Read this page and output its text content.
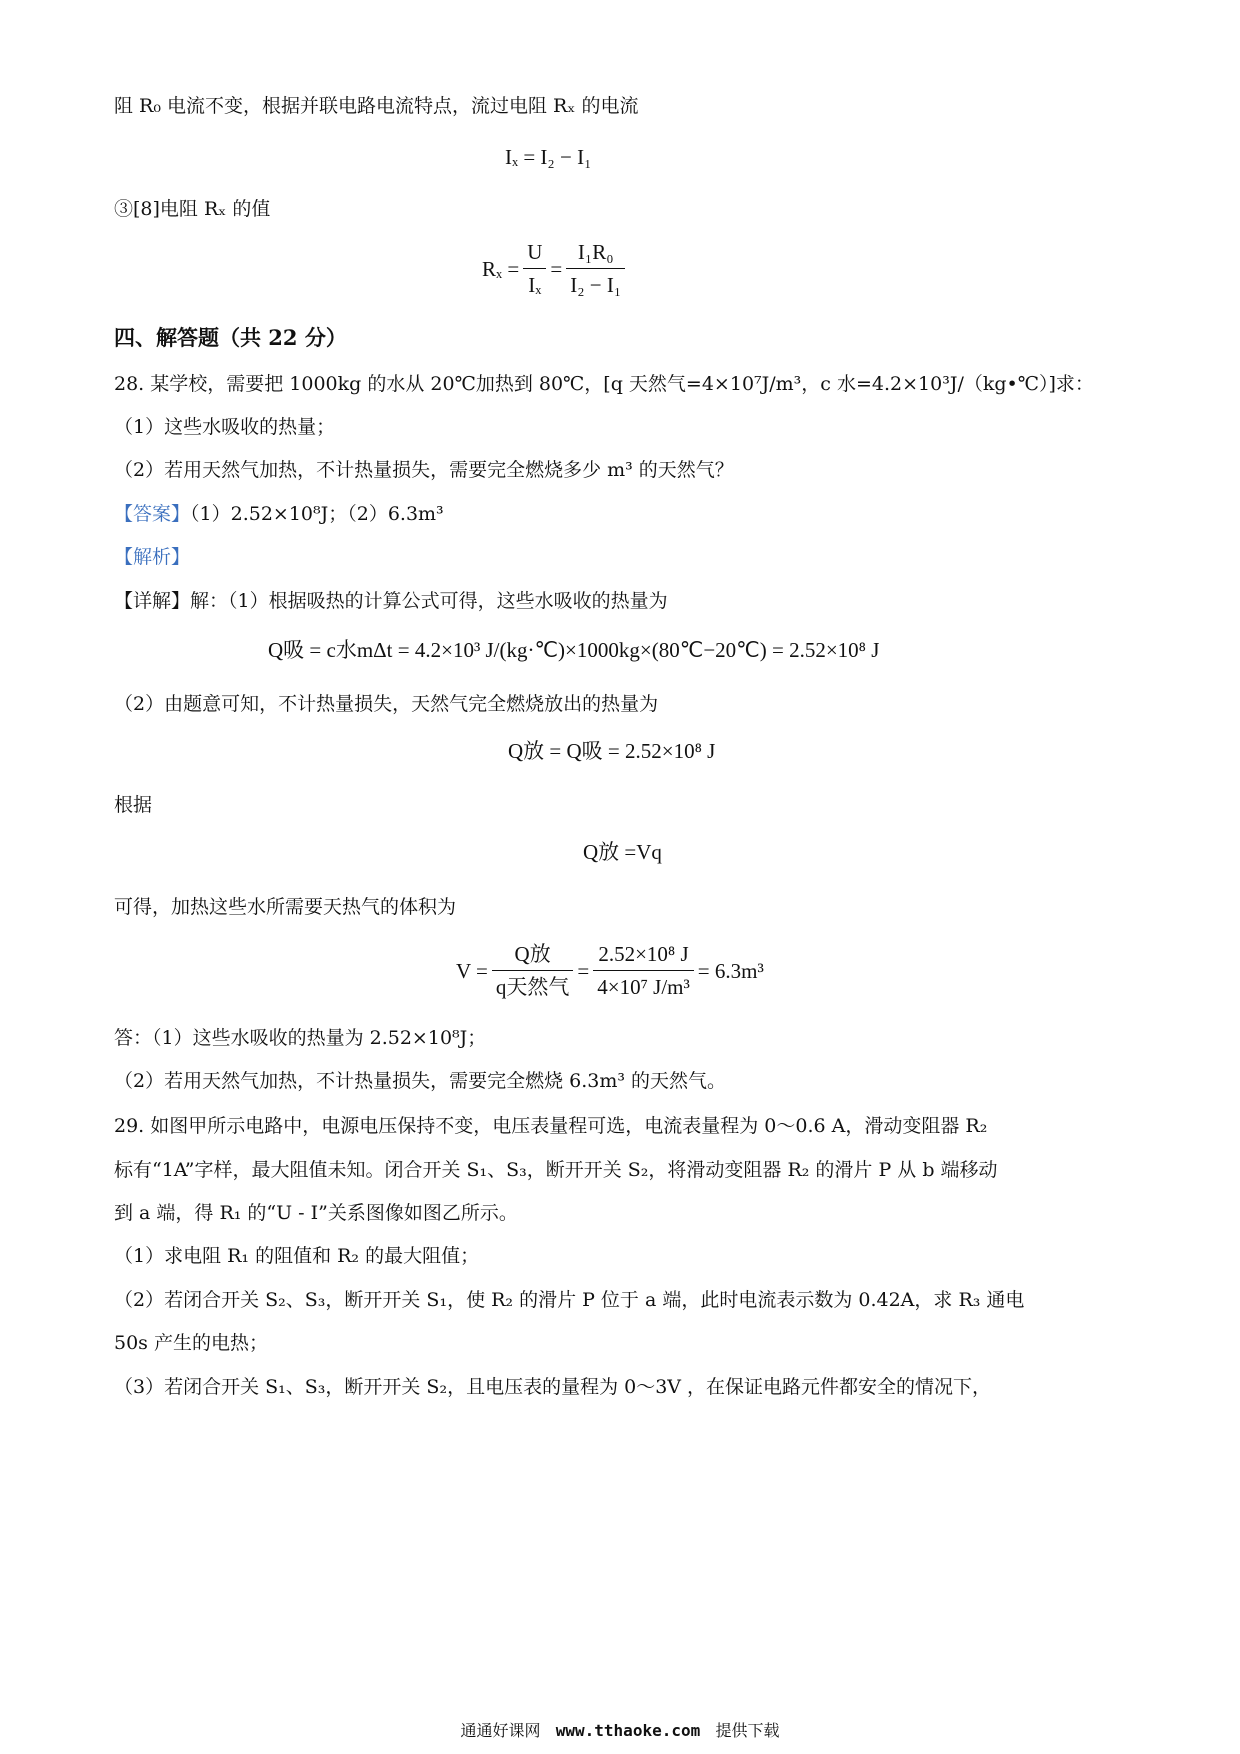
阻 R₀ 电流不变，根据并联电路电流特点，流过电阻 Rₓ 的电流
Iₓ = I₂ − I₁
③[8]电阻 Rₓ 的值
$R_x = \frac{U}{\text{Iₓ}} = \frac{\text{I₁R₀}}{\text{I₂ − I₁}}$
四、解答题（共 22 分）
28. 某学校，需要把 1000kg 的水从 20℃加热到 80℃，[q 天然气=4×10⁷J/m³，c 水=4.2×10³J/（kg•℃）]求：
（1）这些水吸收的热量；
（2）若用天然气加热，不计热量损失，需要完全燃烧多少 m³ 的天然气？
【答案】（1）2.52×10⁸J；（2）6.3m³
【解析】
【详解】解：（1）根据吸热的计算公式可得，这些水吸收的热量为
Q吸 = c水mΔt = 4.2×10³ J/(kg·℃)×1000kg×(80℃−20℃) = 2.52×10⁸ J
（2）由题意可知，不计热量损失，天然气完全燃烧放出的热量为
Q放 = Q吸 = 2.52×10⁸ J
根据
Q放 =Vq
可得，加热这些水所需要天热气的体积为
$V = \frac{\text{Q放}}{\text{q天然气}} = \frac{\text{2.52×10⁸ J}}{\text{4×10⁷ J/m³}} = 6.3m^3$
答：（1）这些水吸收的热量为 2.52×10⁸J；
（2）若用天然气加热，不计热量损失，需要完全燃烧 6.3m³ 的天然气。
29. 如图甲所示电路中，电源电压保持不变，电压表量程可选，电流表量程为 0～0.6 A，滑动变阻器 R₂
标有“1A”字样，最大阻值未知。闭合开关 S₁、S₃，断开开关 S₂，将滑动变阻器 R₂ 的滑片 P 从 b 端移动
到 a 端，得 R₁ 的“U - I”关系图像如图乙所示。
（1）求电阻 R₁ 的阻值和 R₂ 的最大阻值；
（2）若闭合开关 S₂、S₃，断开开关 S₁，使 R₂ 的滑片 P 位于 a 端，此时电流表示数为 0.42A，求 R₃ 通电
50s 产生的电热；
（3）若闭合开关 S₁、S₃，断开开关 S₂，且电压表的量程为 0～3V ，在保证电路元件都安全的情况下，
通通好课网 www.tthaoke.com 提供下载
